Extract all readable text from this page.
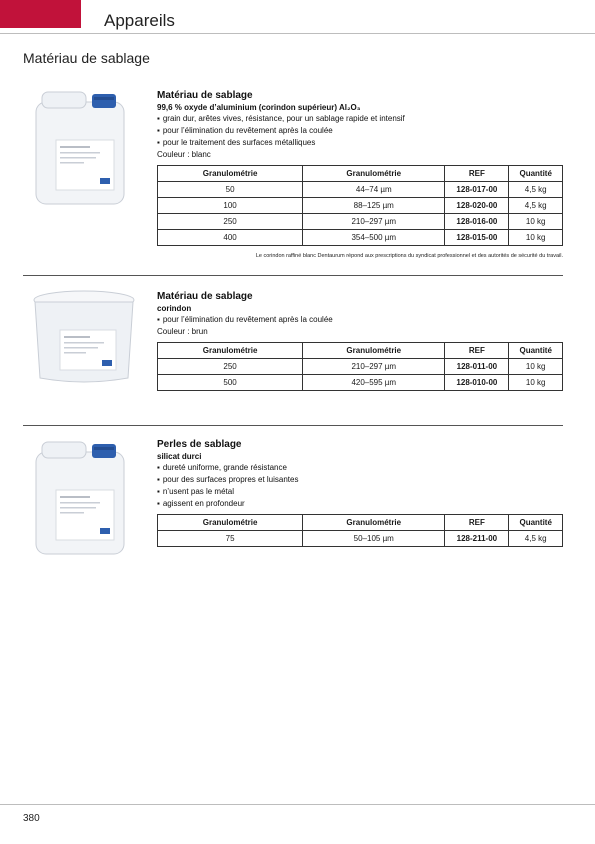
Appareils
Matériau de sablage
Matériau de sablage
99,6 % oxyde d’aluminium (corindon supérieur) Al₂O₃
▪ grain dur, arêtes vives, résistance, pour un sablage rapide et intensif
▪ pour l’élimination du revêtement après la coulée
▪ pour le traitement des surfaces métalliques
Couleur : blanc
Granulométrie	Granulométrie	REF	Quantité
50	44–74 µm	128-017-00	4,5 kg
100	88–125 µm	128-020-00	4,5 kg
250	210–297 µm	128-016-00	10 kg
400	354–500 µm	128-015-00	10 kg
Le corindon raffiné blanc Dentaurum répond aux prescriptions du syndicat professionnel et des autorités de sécurité du travail.
Matériau de sablage
corindon
▪ pour l’élimination du revêtement après la coulée
Couleur : brun
Granulométrie	Granulométrie	REF	Quantité
250	210–297 µm	128-011-00	10 kg
500	420–595 µm	128-010-00	10 kg
Perles de sablage
silicat durci
▪ dureté uniforme, grande résistance
▪ pour des surfaces propres et luisantes
▪ n’usent pas le métal
▪ agissent en profondeur
Granulométrie	Granulométrie	REF	Quantité
75	50–105 µm	128-211-00	4,5 kg
380
